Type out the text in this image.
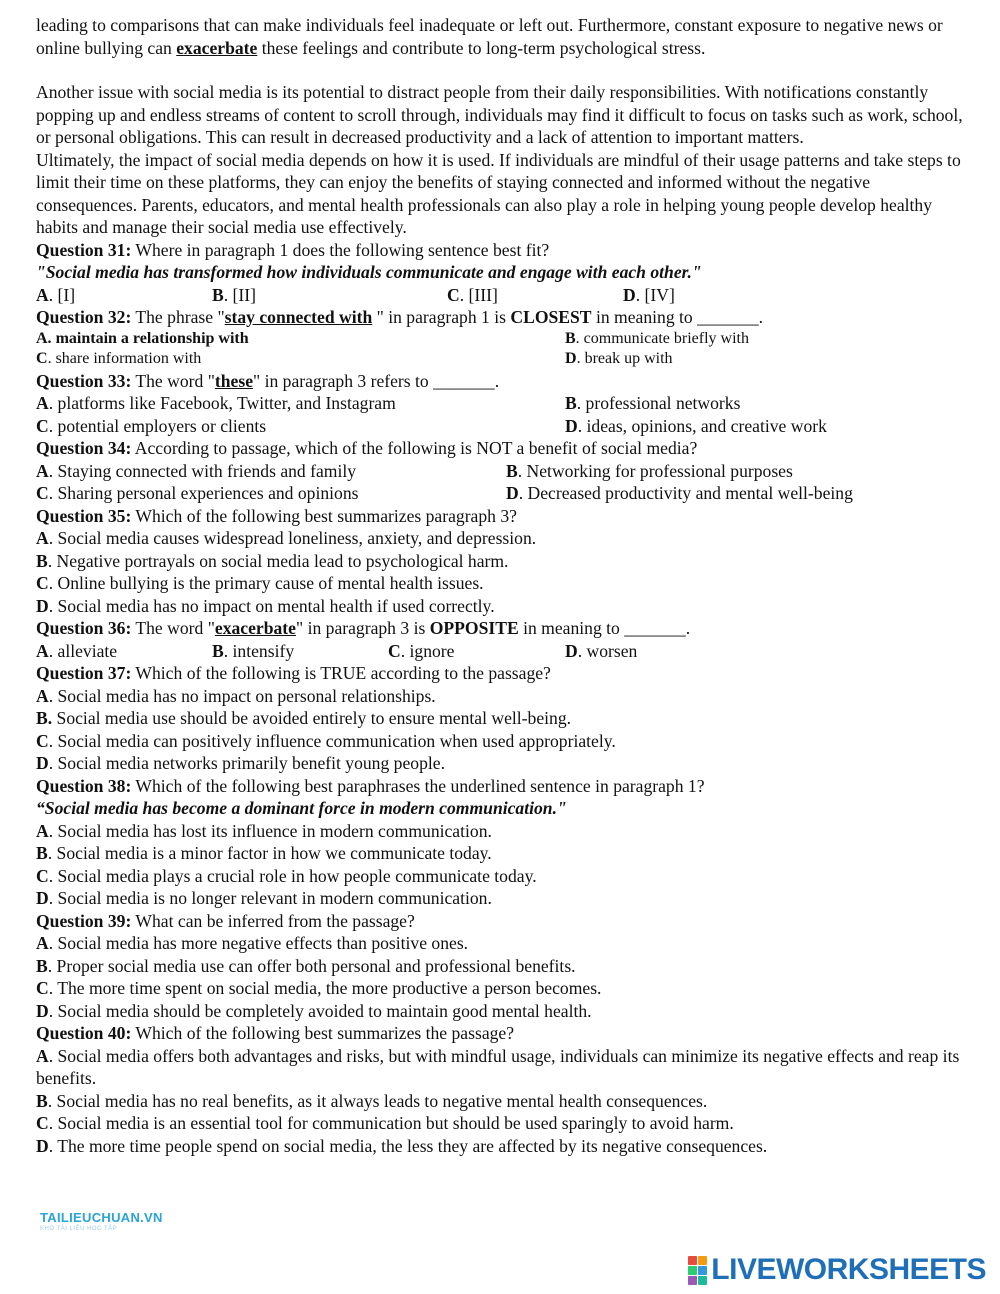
leading to comparisons that can make individuals feel inadequate or left out. Furthermore, constant exposure to negative news or online bullying can exacerbate these feelings and contribute to long-term psychological stress.

Another issue with social media is its potential to distract people from their daily responsibilities. With notifications constantly popping up and endless streams of content to scroll through, individuals may find it difficult to focus on tasks such as work, school, or personal obligations. This can result in decreased productivity and a lack of attention to important matters.

Ultimately, the impact of social media depends on how it is used. If individuals are mindful of their usage patterns and take steps to limit their time on these platforms, they can enjoy the benefits of staying connected and informed without the negative consequences. Parents, educators, and mental health professionals can also play a role in helping young people develop healthy habits and manage their social media use effectively.

Question 31: Where in paragraph 1 does the following sentence best fit?
"Social media has transformed how individuals communicate and engage with each other."
A. [I]	B. [II]	C. [III]	D. [IV]
Question 32: The phrase "stay connected with " in paragraph 1 is CLOSEST in meaning to _______.
A. maintain a relationship with	B. communicate briefly with
C. share information with	D. break up with
Question 33: The word "these" in paragraph 3 refers to _______.
A. platforms like Facebook, Twitter, and Instagram	B. professional networks
C. potential employers or clients	D. ideas, opinions, and creative work
Question 34: According to passage, which of the following is NOT a benefit of social media?
A. Staying connected with friends and family	B. Networking for professional purposes
C. Sharing personal experiences and opinions	D. Decreased productivity and mental well-being
Question 35: Which of the following best summarizes paragraph 3?
A. Social media causes widespread loneliness, anxiety, and depression.
B. Negative portrayals on social media lead to psychological harm.
C. Online bullying is the primary cause of mental health issues.
D. Social media has no impact on mental health if used correctly.
Question 36: The word "exacerbate" in paragraph 3 is OPPOSITE in meaning to _______.
A. alleviate	B. intensify	C. ignore	D. worsen
Question 37: Which of the following is TRUE according to the passage?
A. Social media has no impact on personal relationships.
B. Social media use should be avoided entirely to ensure mental well-being.
C. Social media can positively influence communication when used appropriately.
D. Social media networks primarily benefit young people.
Question 38: Which of the following best paraphrases the underlined sentence in paragraph 1?
“Social media has become a dominant force in modern communication."
A. Social media has lost its influence in modern communication.
B. Social media is a minor factor in how we communicate today.
C. Social media plays a crucial role in how people communicate today.
D. Social media is no longer relevant in modern communication.
Question 39: What can be inferred from the passage?
A. Social media has more negative effects than positive ones.
B. Proper social media use can offer both personal and professional benefits.
C. The more time spent on social media, the more productive a person becomes.
D. Social media should be completely avoided to maintain good mental health.
Question 40: Which of the following best summarizes the passage?
A. Social media offers both advantages and risks, but with mindful usage, individuals can minimize its negative effects and reap its benefits.
B. Social media has no real benefits, as it always leads to negative mental health consequences.
C. Social media is an essential tool for communication but should be used sparingly to avoid harm.
D. The more time people spend on social media, the less they are affected by its negative consequences.
TAILIEUCHUAN.VN
KHO TÀI LIỆU HỌC TẬP
LIVEWORKSHEETS
